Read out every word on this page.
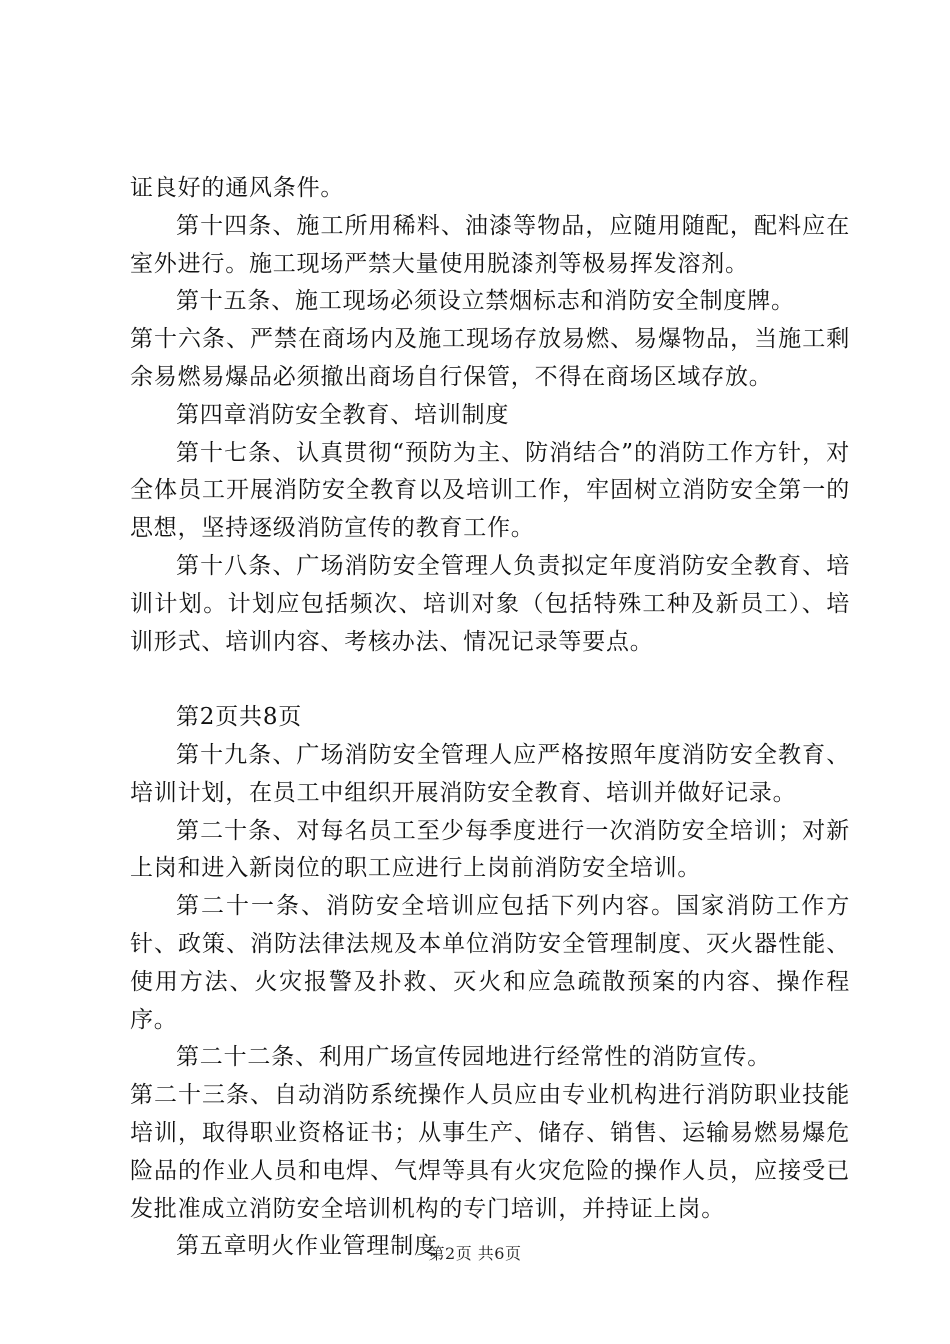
证良好的通风条件。

第十四条、施工所用稀料、油漆等物品，应随用随配，配料应在室外进行。施工现场严禁大量使用脱漆剂等极易挥发溶剂。

第十五条、施工现场必须设立禁烟标志和消防安全制度牌。

第十六条、严禁在商场内及施工现场存放易燃、易爆物品，当施工剩余易燃易爆品必须撤出商场自行保管，不得在商场区域存放。

第四章消防安全教育、培训制度

第十七条、认真贯彻“预防为主、防消结合”的消防工作方针，对全体员工开展消防安全教育以及培训工作，牢固树立消防安全第一的思想，坚持逐级消防宣传的教育工作。

第十八条、广场消防安全管理人负责拟定年度消防安全教育、培训计划。计划应包括频次、培训对象（包括特殊工种及新员工）、培训形式、培训内容、考核办法、情况记录等要点。

第2页共8页

第十九条、广场消防安全管理人应严格按照年度消防安全教育、培训计划，在员工中组织开展消防安全教育、培训并做好记录。

第二十条、对每名员工至少每季度进行一次消防安全培训；对新上岗和进入新岗位的职工应进行上岗前消防安全培训。

第二十一条、消防安全培训应包括下列内容。国家消防工作方针、政策、消防法律法规及本单位消防安全管理制度、灭火器性能、使用方法、火灾报警及扑救、灭火和应急疏散预案的内容、操作程序。

第二十二条、利用广场宣传园地进行经常性的消防宣传。

第二十三条、自动消防系统操作人员应由专业机构进行消防职业技能培训，取得职业资格证书；从事生产、储存、销售、运输易燃易爆危险品的作业人员和电焊、气焊等具有火灾危险的操作人员，应接受已发批准成立消防安全培训机构的专门培训，并持证上岗。

第五章明火作业管理制度

第2页 共6页
